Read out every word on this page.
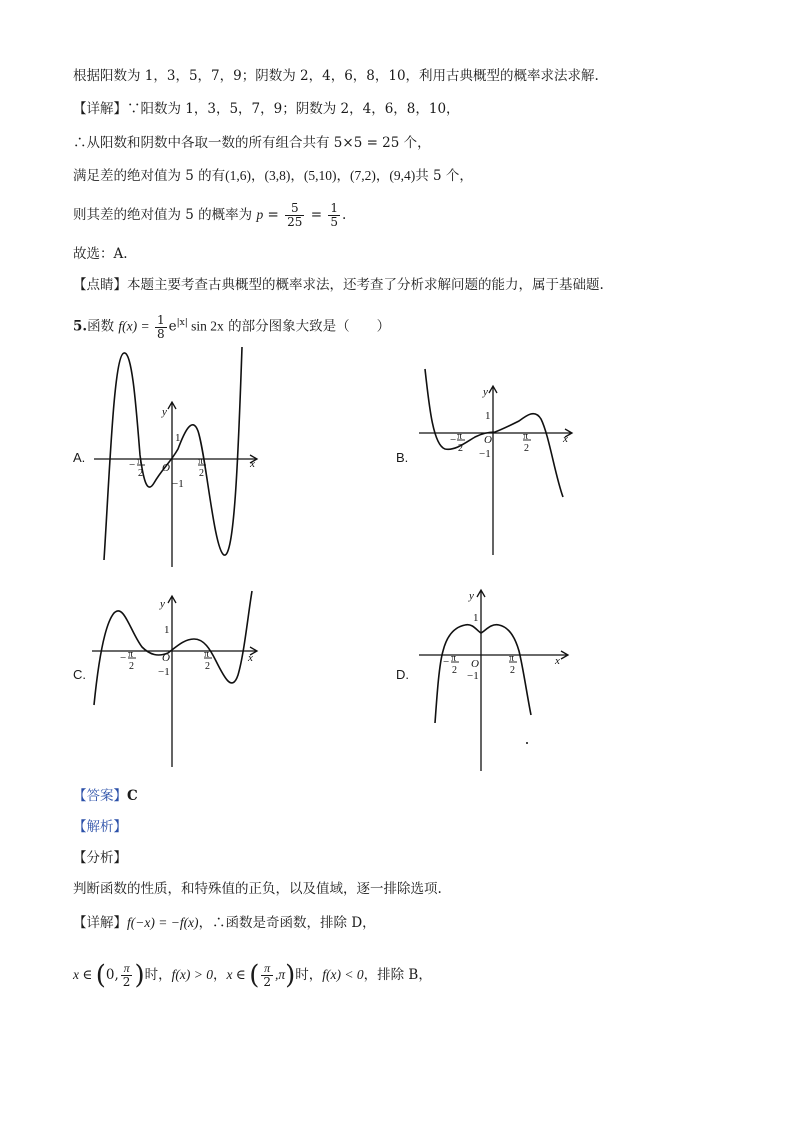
根据阳数为 1，3，5，7，9；阴数为 2，4，6，8，10，利用古典概型的概率求法求解.
【详解】∵阳数为 1，3，5，7，9；阴数为 2，4，6，8，10，
∴从阳数和阴数中各取一数的所有组合共有 5×5 = 25 个，
满足差的绝对值为 5 的有(1,6)，(3,8)，(5,10)，(7,2)，(9,4)共 5 个，
则其差的绝对值为 5 的概率为 $p = \frac{5}{25} = \frac{1}{5}$ .
故选：A.
【点睛】本题主要考查古典概型的概率求法，还考查了分析求解问题的能力，属于基础题.
5.函数 $f(x) = \frac{1}{8} e^{|x|}$ sin 2x 的部分图象大致是（　　）
A.	B.
C.	D.
y
x
O
1
−1
− π
2
π
2
y
x
O
1
−1
− π
2
π
2
y
x
O
1
−1
− π
2
π
2
y
x
O
1
−1
− π
2
π
2
【答案】C
【解析】
【分析】
判断函数的性质，和特殊值的正负，以及值域，逐一排除选项.
【详解】f(−x) = −f(x)，∴函数是奇函数，排除 D，
x ∈ (0, $\frac{\pi}{2}$ )时，f(x) > 0，x ∈ ( $\frac{\pi}{2} ,\pi$)时，f(x) < 0，排除 B，
